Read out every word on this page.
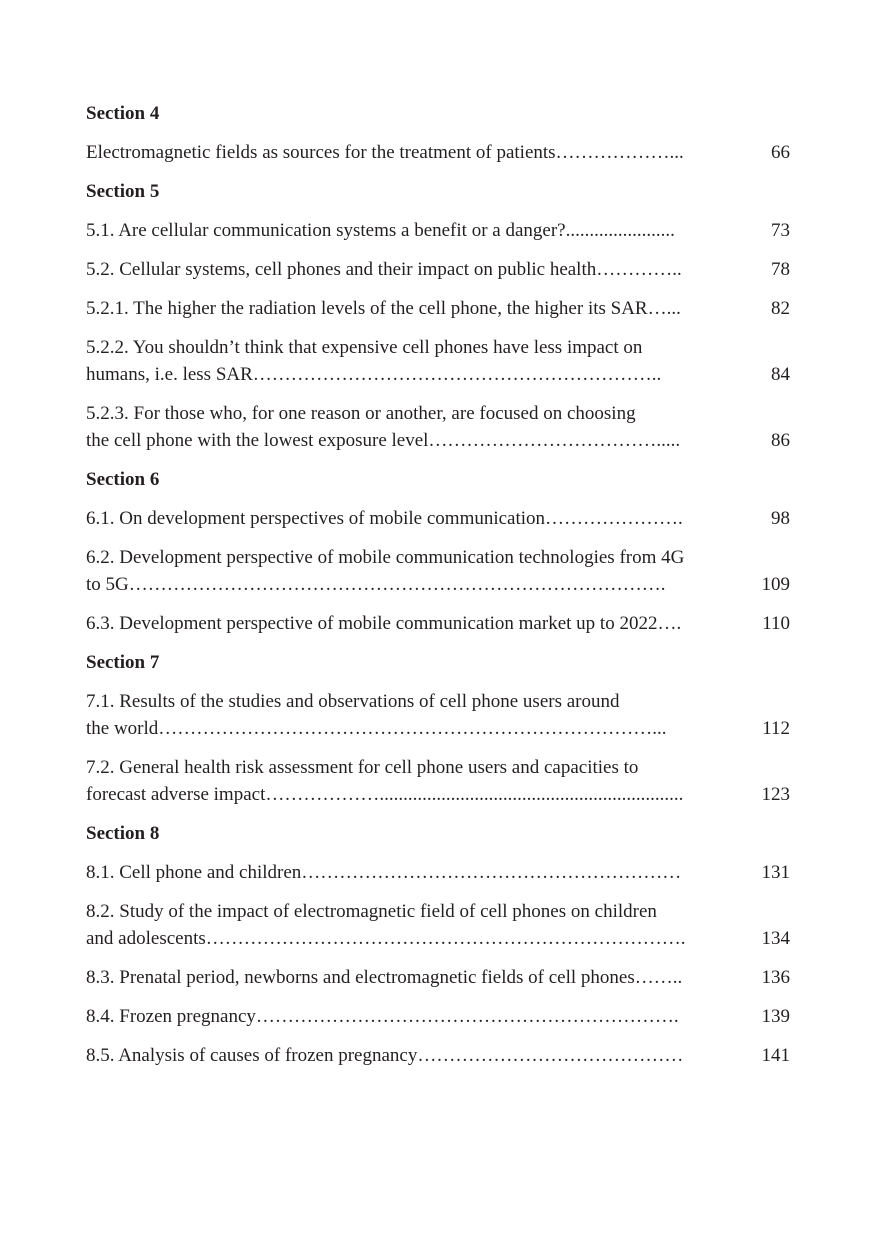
Section 4
Electromagnetic fields as sources for the treatment of patients………………...	66
Section 5
5.1. Are cellular communication systems a benefit or a danger?.......................	73
5.2. Cellular systems, cell phones and their impact on public health…………..	78
5.2.1. The higher the radiation levels of the cell phone, the higher its SAR…...	82
5.2.2. You shouldn’t think that expensive cell phones have less impact on
humans, i.e. less SAR………………………………………………………..	84
5.2.3. For those who, for one reason or another, are focused on choosing
the cell phone with the lowest exposure level……………………………….....	86
Section 6
6.1. On development perspectives of mobile communication………………….	98
6.2. Development perspective of mobile communication technologies from 4G
to 5G………………………………………………………………………….	109
6.3. Development perspective of mobile communication market up to 2022….	110
Section 7
7.1. Results of the studies and observations of cell phone users around
the world……………………………………………………………………...	112
7.2. General health risk assessment for cell phone users and capacities to
forecast adverse impact………………................................................................	123
Section 8
8.1. Cell phone and children……………………………………………………	131
8.2. Study of the impact of electromagnetic field of cell phones on children
and adolescents………………………………………………………………….	134
8.3. Prenatal period, newborns and electromagnetic fields of cell phones……..	136
8.4. Frozen pregnancy………………………………………………………….	139
8.5. Analysis of causes of frozen pregnancy……………………………………	141
